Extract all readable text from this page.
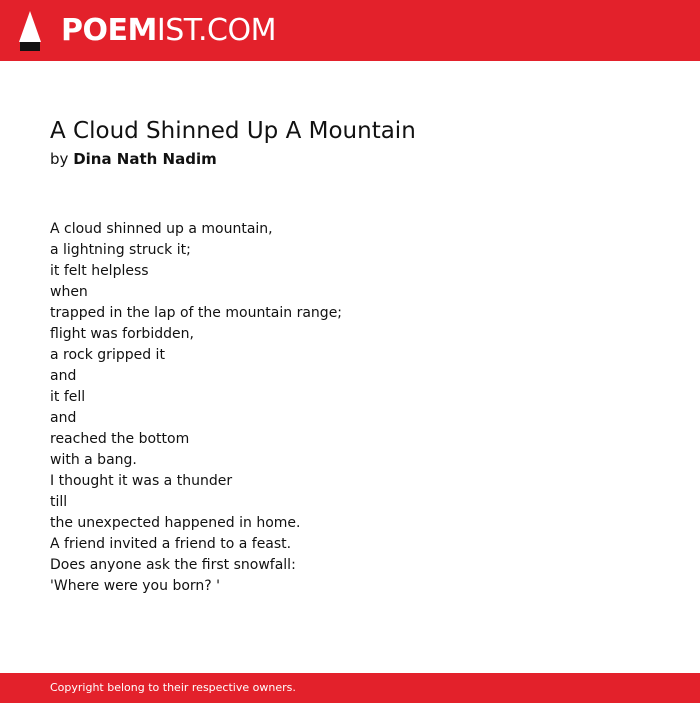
POEMIST.COM
A Cloud Shinned Up A Mountain
by Dina Nath Nadim
A cloud shinned up a mountain,
a lightning struck it;
it felt helpless
when
trapped in the lap of the mountain range;
flight was forbidden,
a rock gripped it
and
it fell
and
reached the bottom
with a bang.
I thought it was a thunder
till
the unexpected happened in home.
A friend invited a friend to a feast.
Does anyone ask the first snowfall:
'Where were you born? '
Copyright belong to their respective owners.
